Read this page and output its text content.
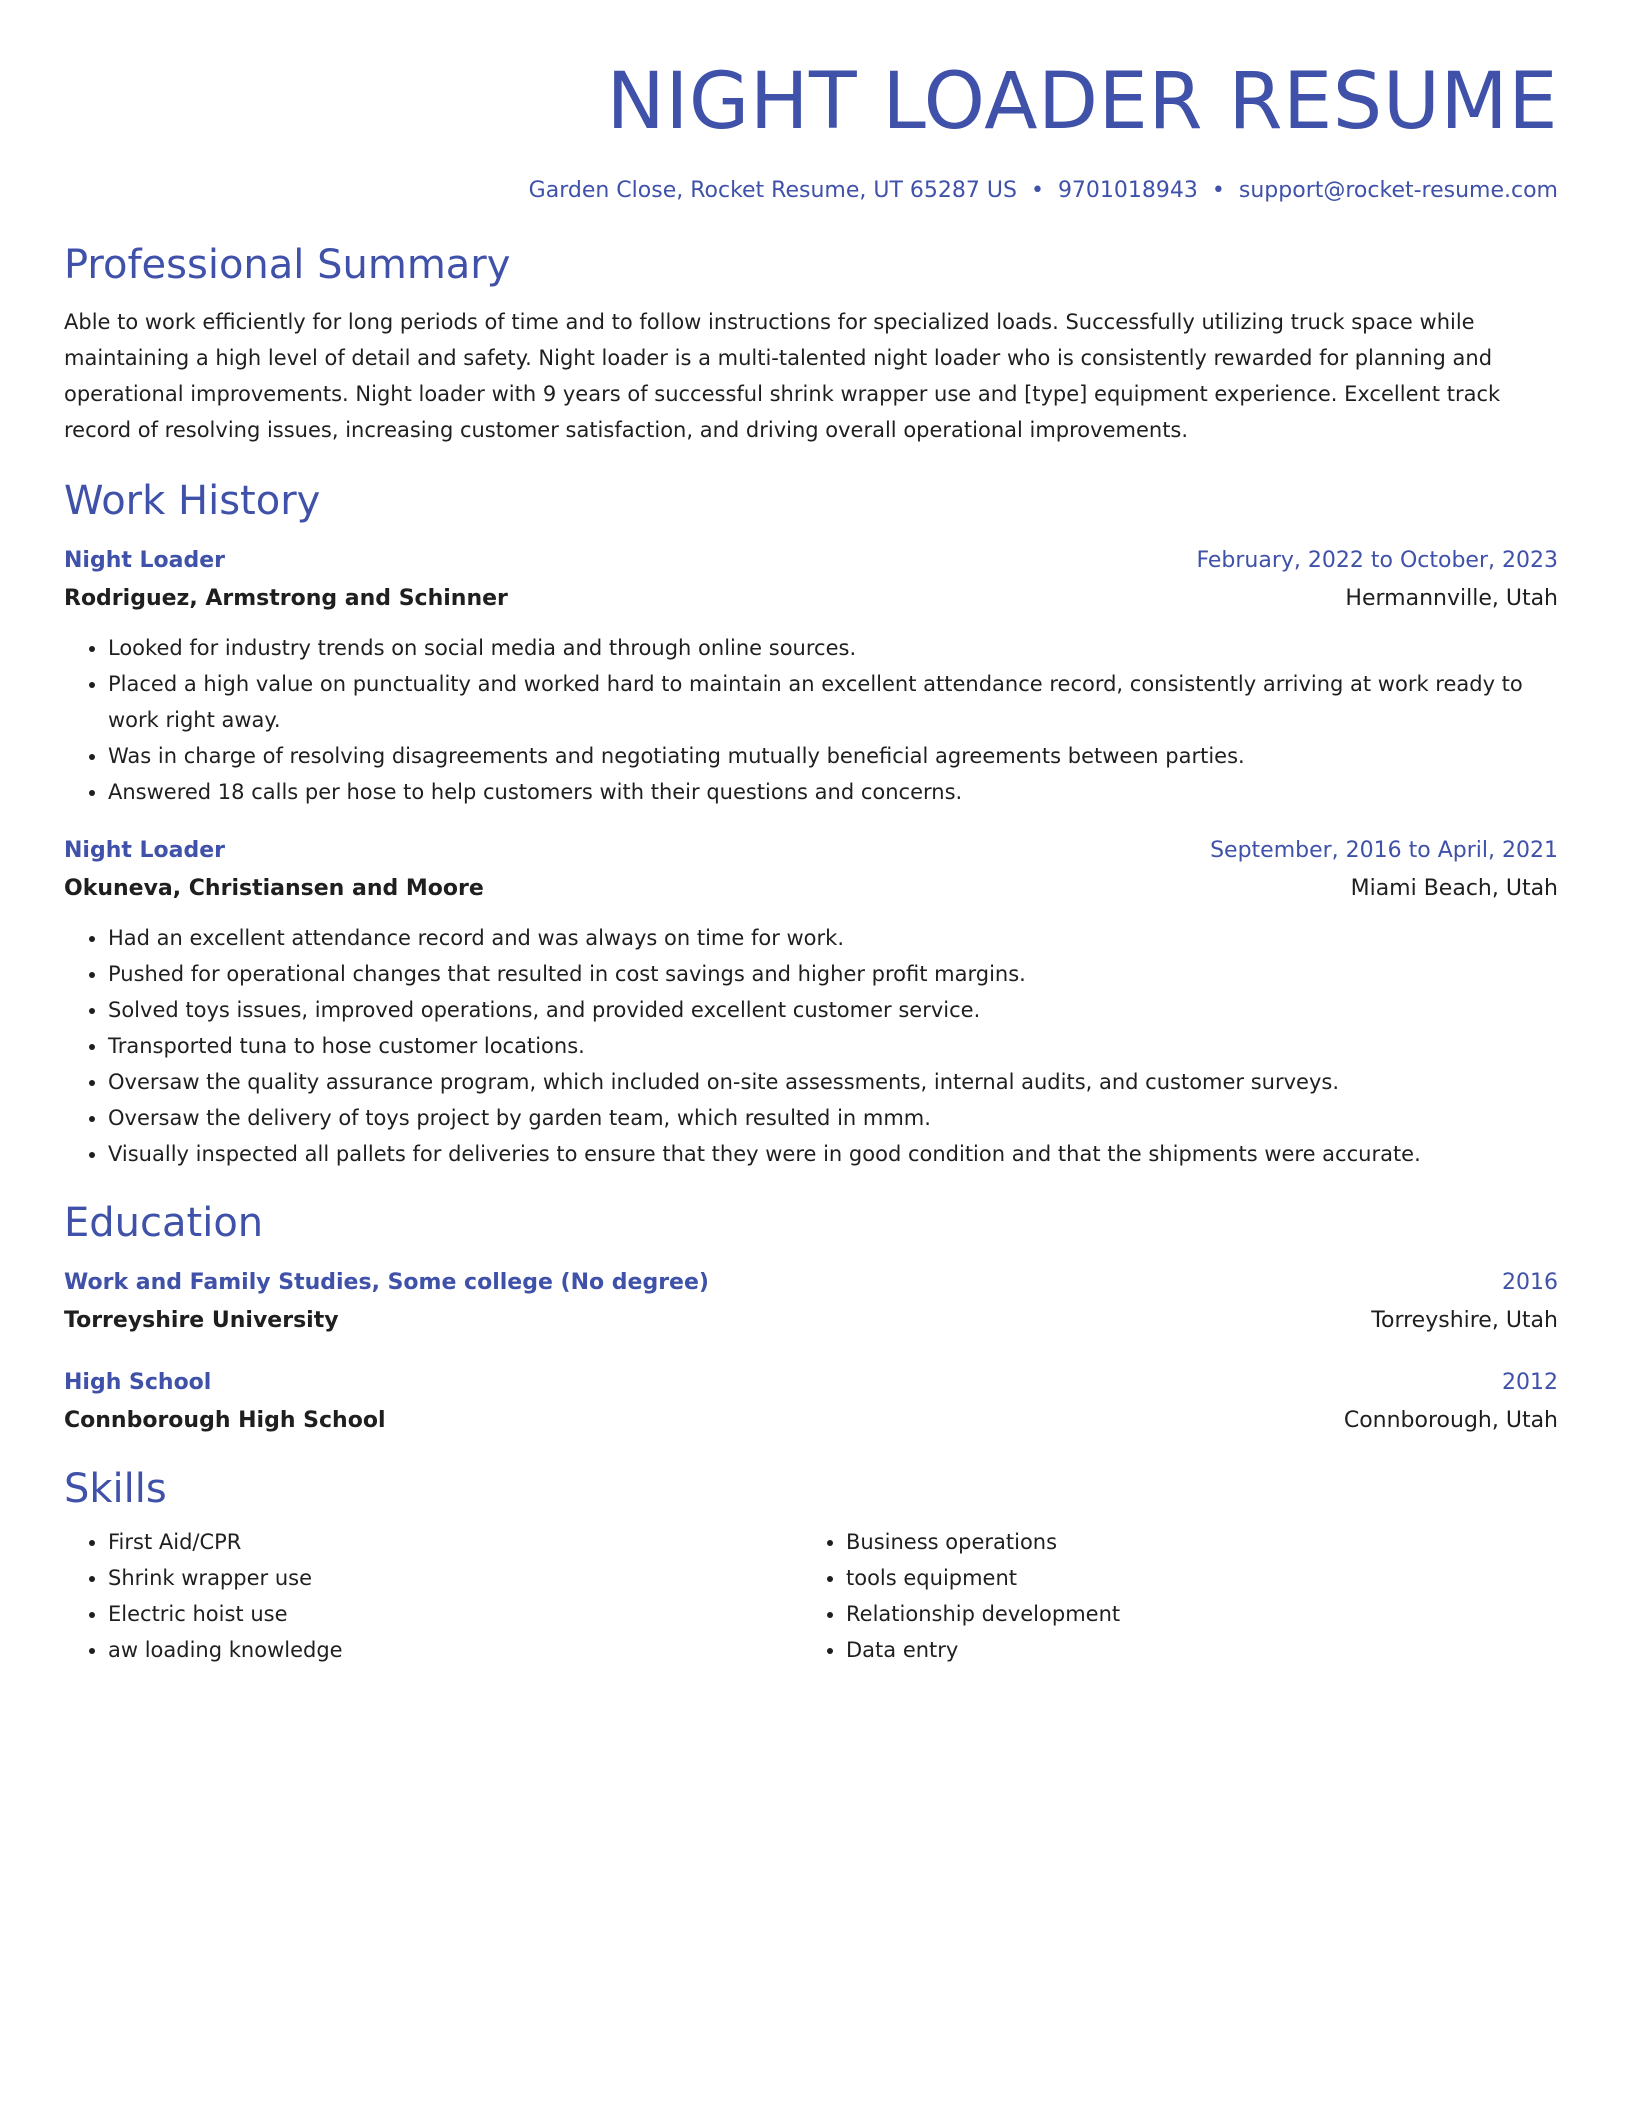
NIGHT LOADER RESUME
Garden Close, Rocket Resume, UT 65287 US • 9701018943 • support@rocket-resume.com
Professional Summary
Able to work efficiently for long periods of time and to follow instructions for specialized loads. Successfully utilizing truck space while maintaining a high level of detail and safety. Night loader is a multi-talented night loader who is consistently rewarded for planning and operational improvements. Night loader with 9 years of successful shrink wrapper use and [type] equipment experience. Excellent track record of resolving issues, increasing customer satisfaction, and driving overall operational improvements.
Work History
Night Loader	February, 2022 to October, 2023
Rodriguez, Armstrong and Schinner	Hermannville, Utah
• Looked for industry trends on social media and through online sources.
• Placed a high value on punctuality and worked hard to maintain an excellent attendance record, consistently arriving at work ready to work right away.
• Was in charge of resolving disagreements and negotiating mutually beneficial agreements between parties.
• Answered 18 calls per hose to help customers with their questions and concerns.
Night Loader	September, 2016 to April, 2021
Okuneva, Christiansen and Moore	Miami Beach, Utah
• Had an excellent attendance record and was always on time for work.
• Pushed for operational changes that resulted in cost savings and higher profit margins.
• Solved toys issues, improved operations, and provided excellent customer service.
• Transported tuna to hose customer locations.
• Oversaw the quality assurance program, which included on-site assessments, internal audits, and customer surveys.
• Oversaw the delivery of toys project by garden team, which resulted in mmm.
• Visually inspected all pallets for deliveries to ensure that they were in good condition and that the shipments were accurate.
Education
Work and Family Studies, Some college (No degree)	2016
Torreyshire University	Torreyshire, Utah
High School	2012
Connborough High School	Connborough, Utah
Skills
• First Aid/CPR
• Shrink wrapper use
• Electric hoist use
• aw loading knowledge
• Business operations
• tools equipment
• Relationship development
• Data entry
